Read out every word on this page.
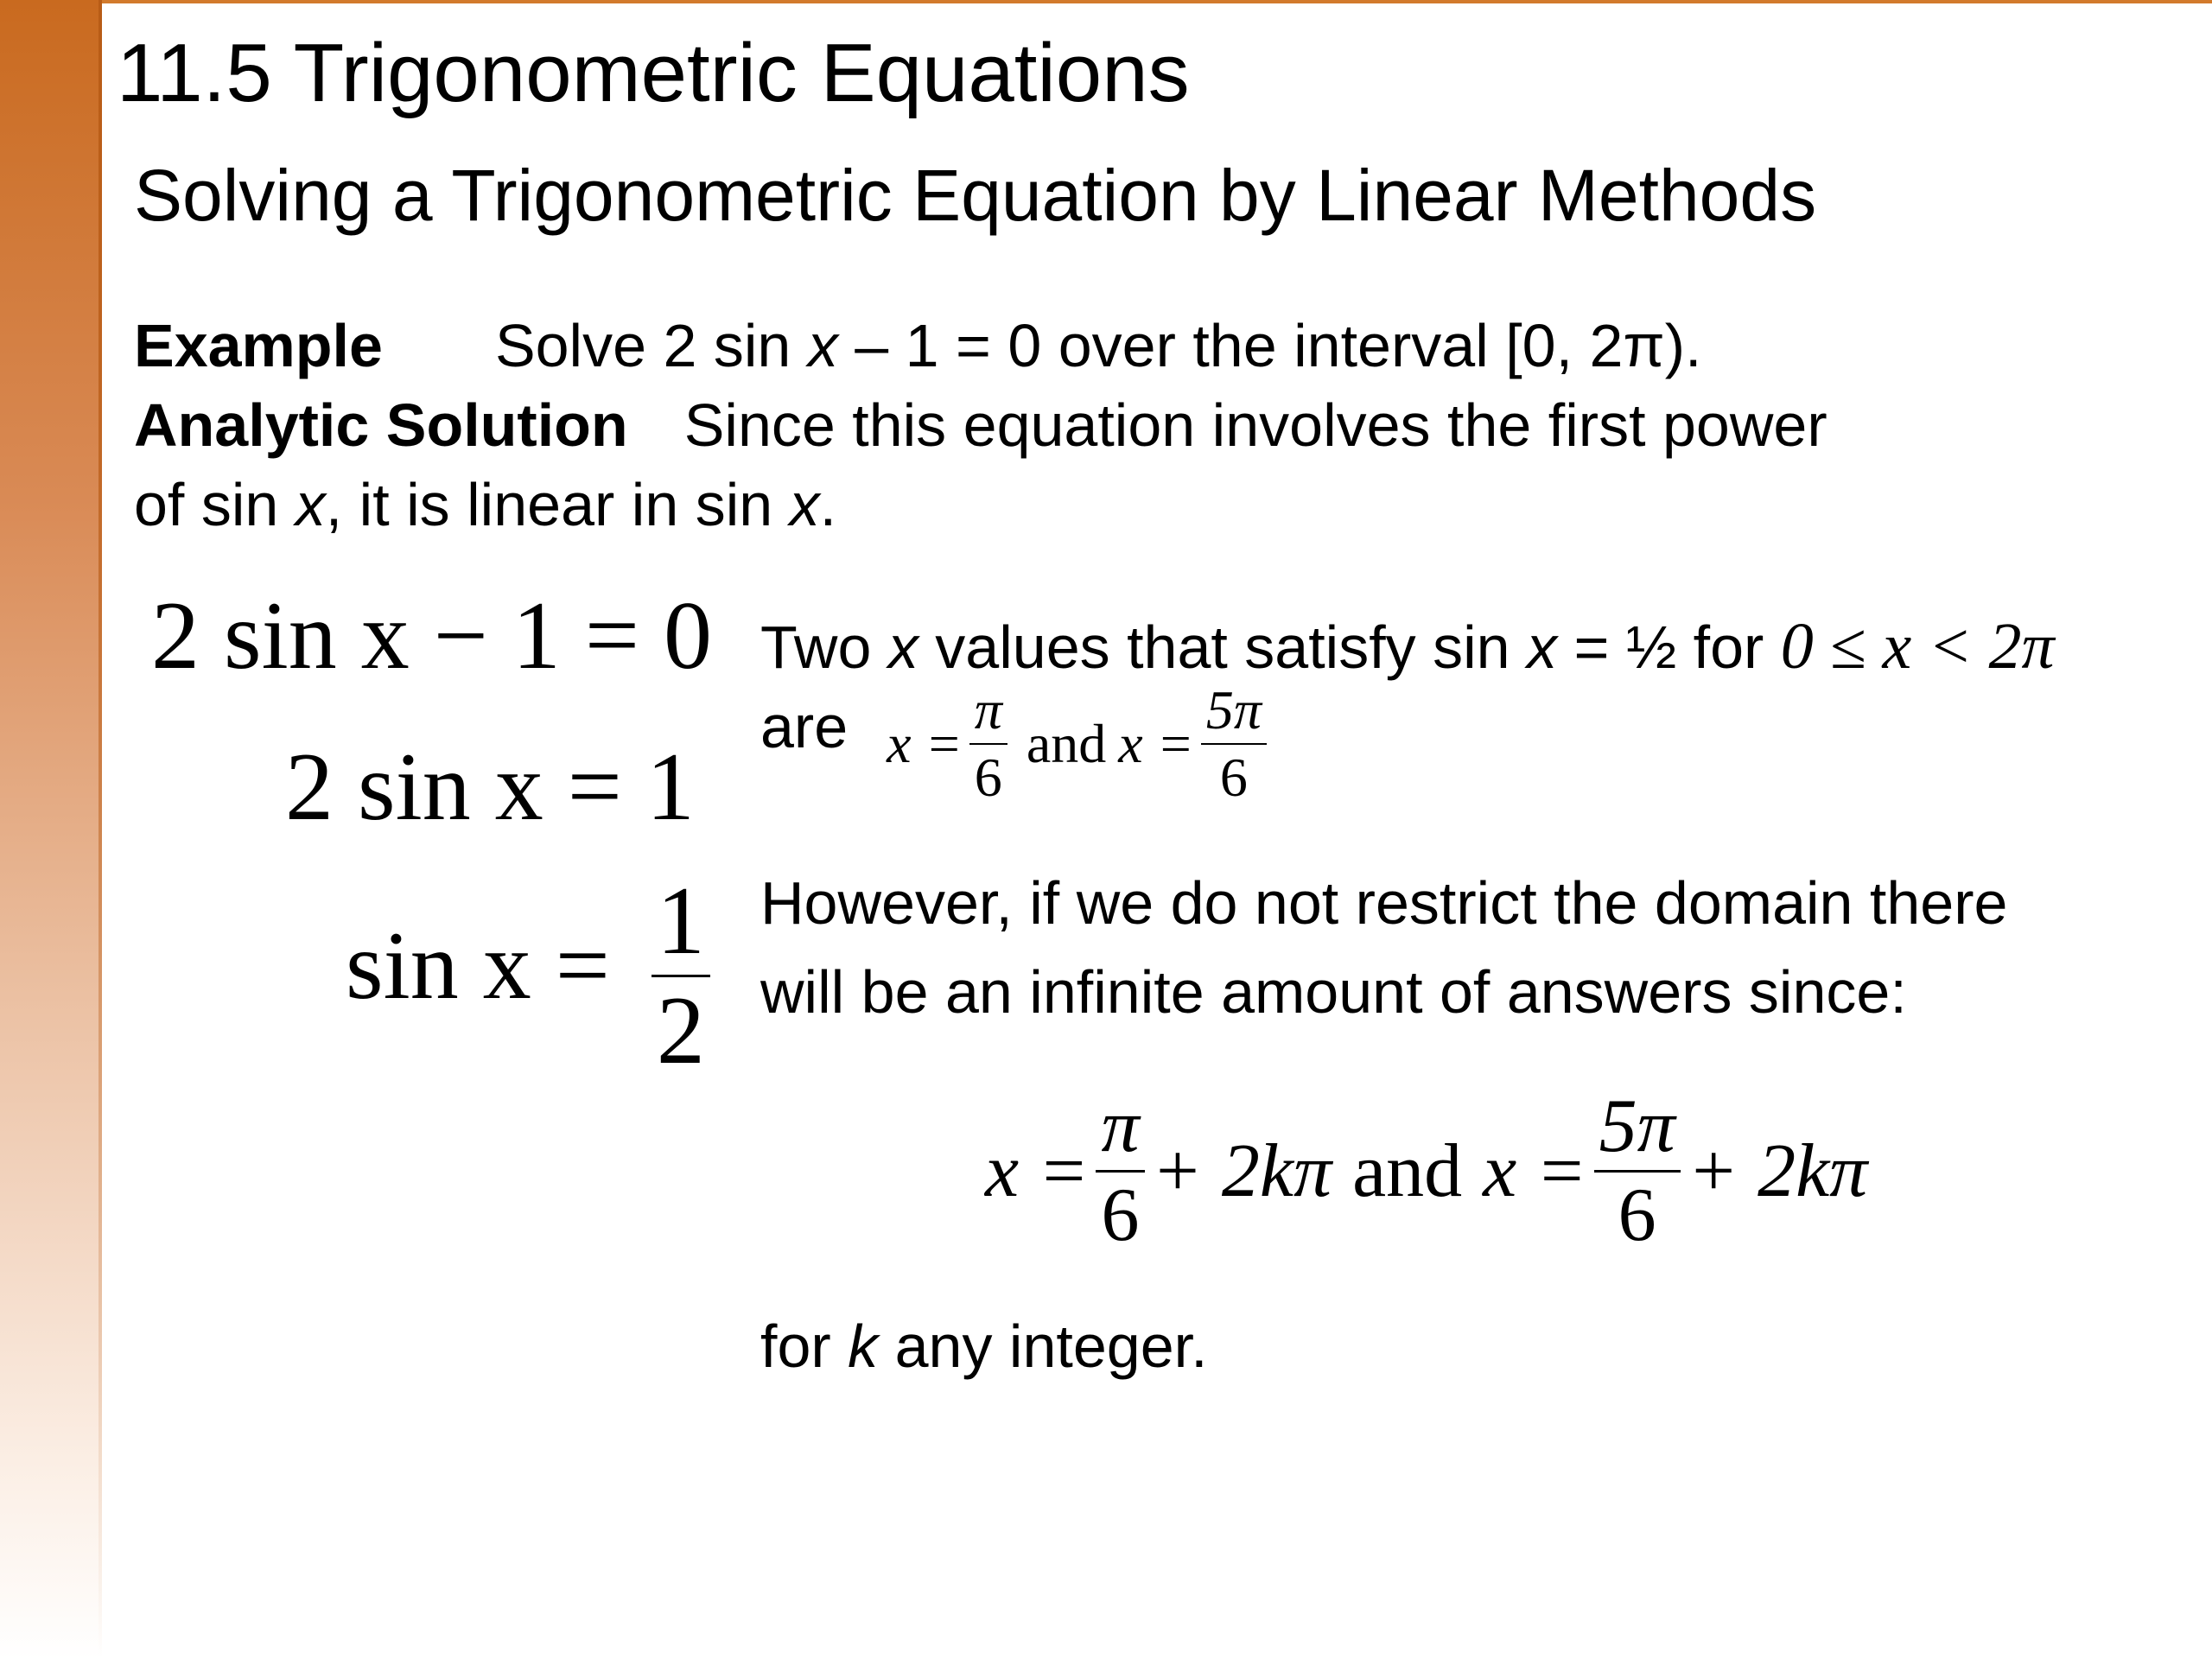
11.5 Trigonometric Equations
Solving a Trigonometric Equation by Linear Methods
Example Solve 2 sin x – 1 = 0 over the interval [0, 2π).
Analytic Solution Since this equation involves the first power
of sin x, it is linear in sin x.
2 sin x − 1 = 0
2 sin x = 1
$\sin x = \frac{1}{2}$
Two x values that satisfy sin x = ½ for 0 ≤ x < 2π
are $x = \frac{\pi}{6}$ and $x = \frac{5\pi}{6}$
However, if we do not restrict the domain there
will be an infinite amount of answers since:
$x = \frac{\pi}{6} + 2k\pi$ and $x = \frac{5\pi}{6} + 2k\pi$
for k any integer.
